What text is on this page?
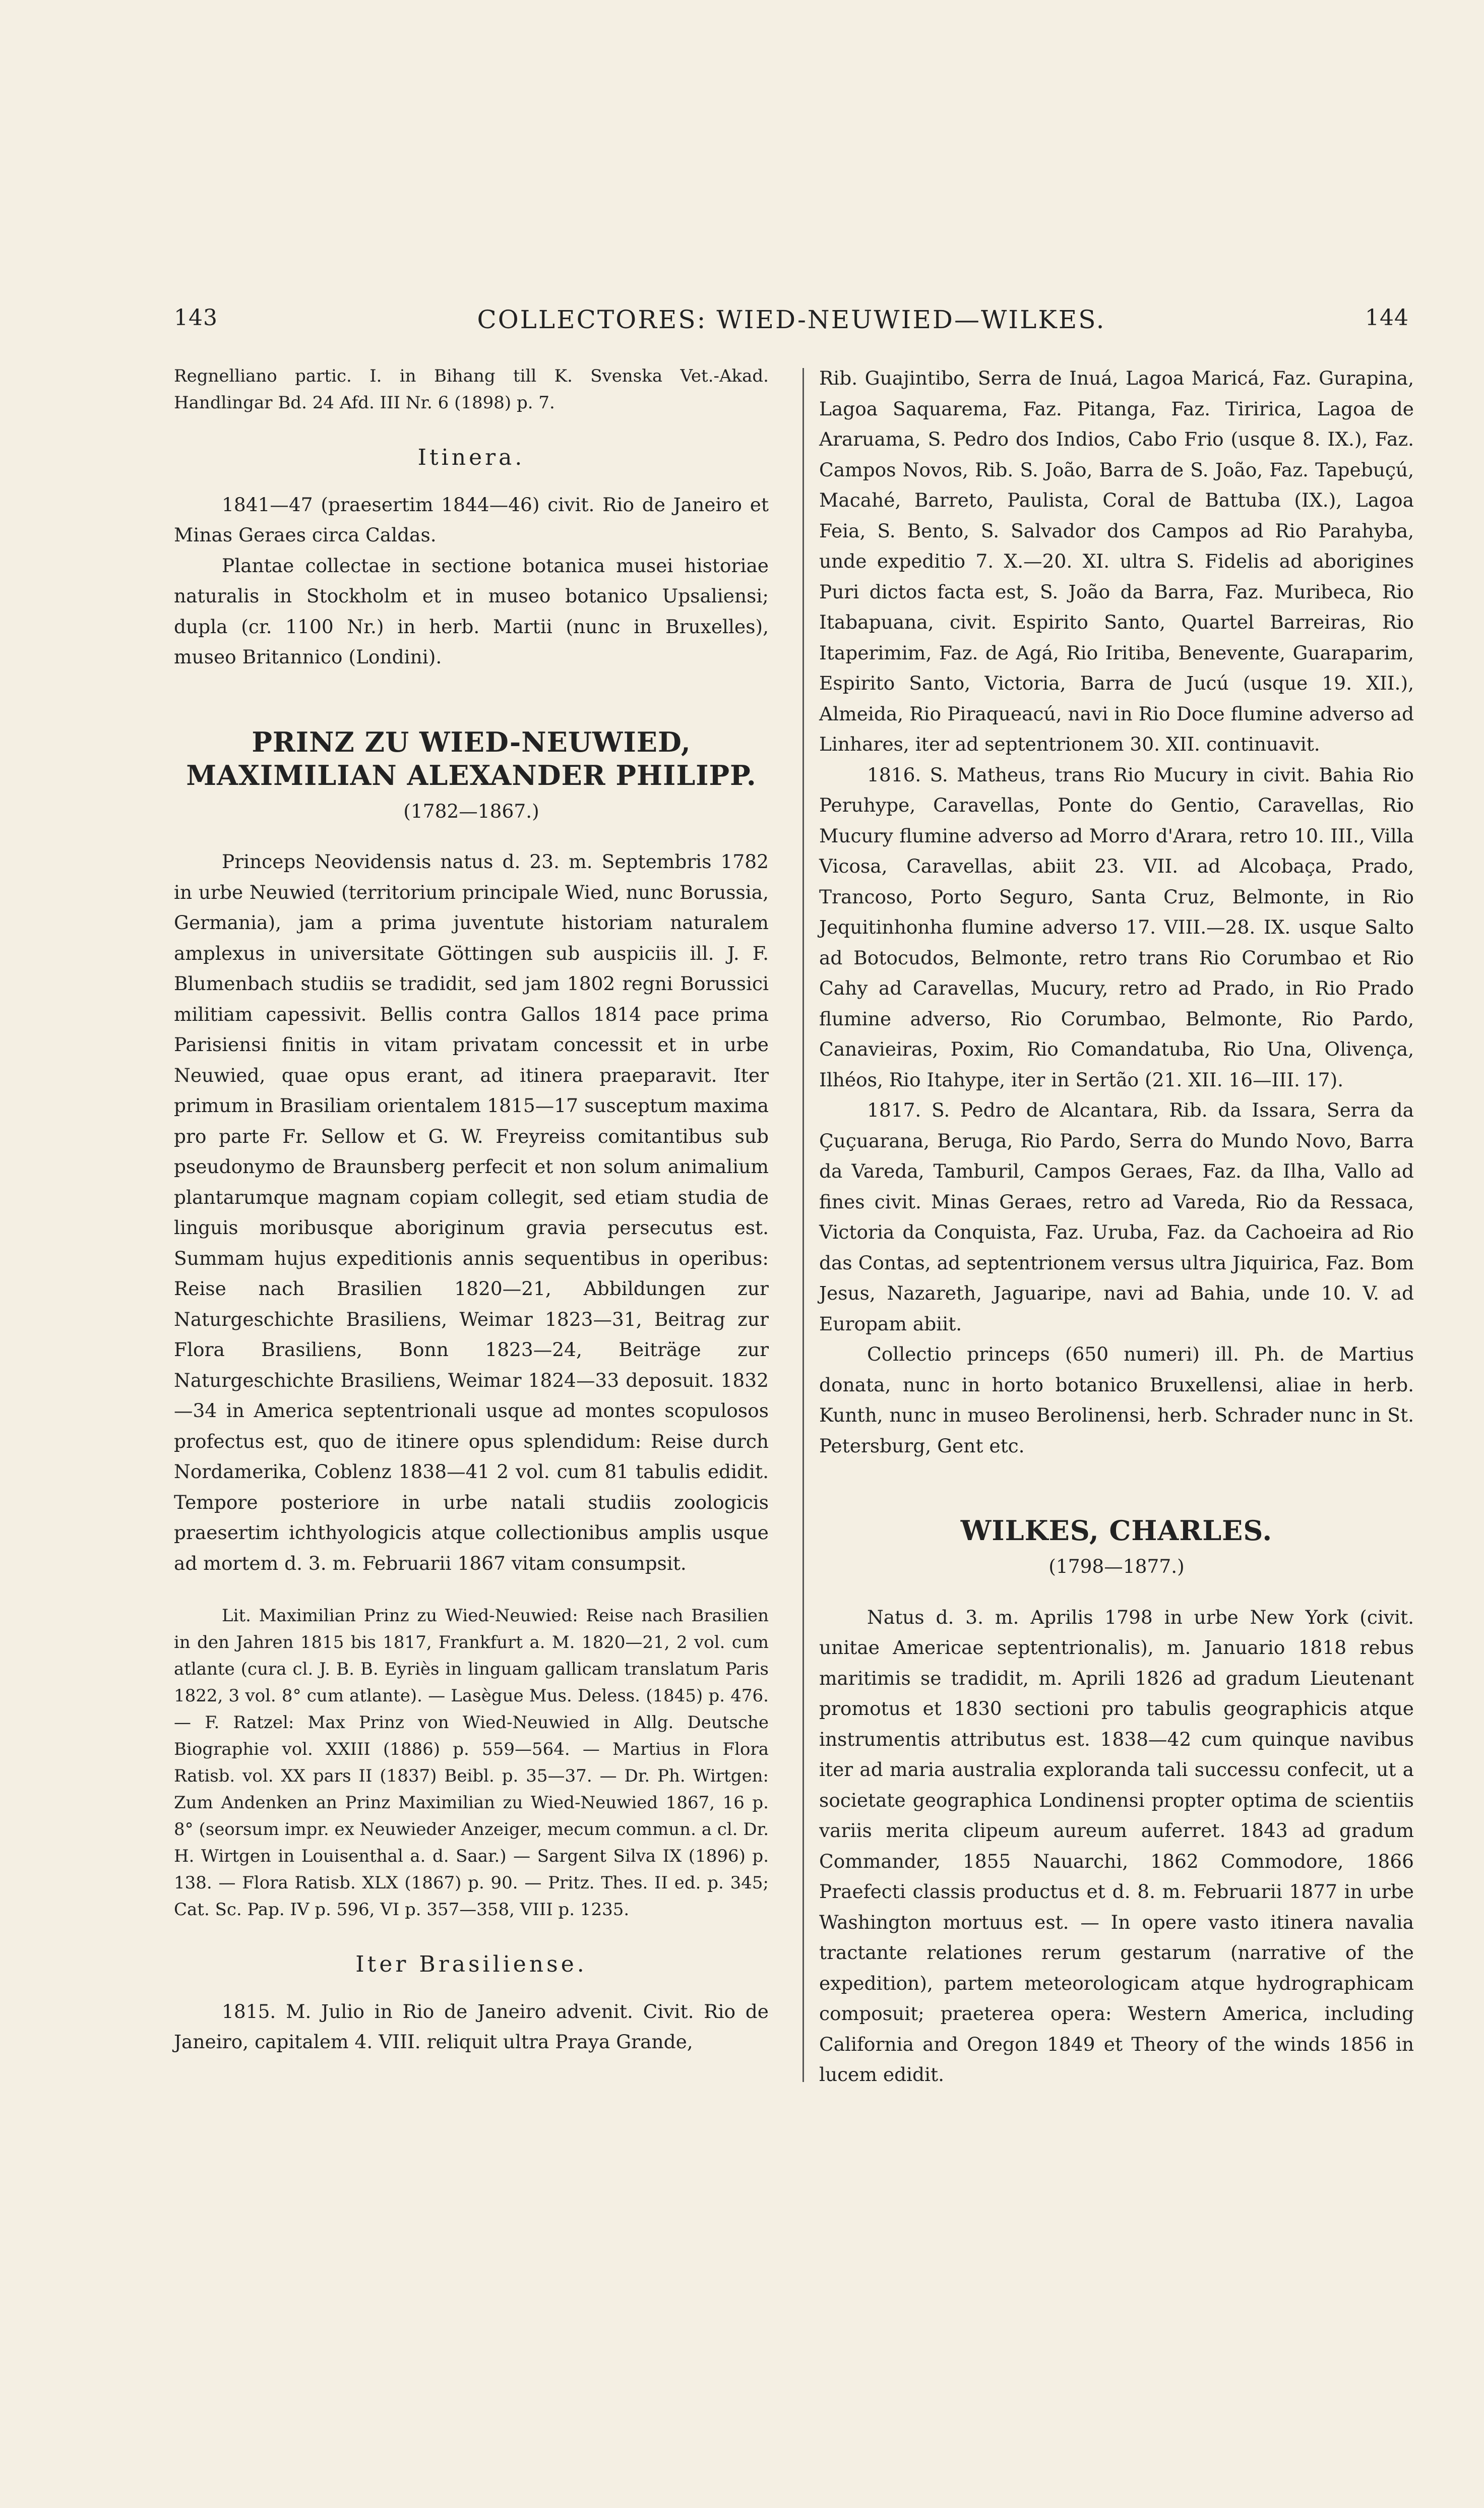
143	COLLECTORES: WIED-NEUWIED—WILKES.	144

Regnelliano partic. I. in Bihang till K. Svenska Vet.-Akad. Handlingar Bd. 24 Afd. III Nr. 6 (1898) p. 7.

Itinera.

1841—47 (praesertim 1844—46) civit. Rio de Janeiro et Minas Geraes circa Caldas.

Plantae collectae in sectione botanica musei historiae naturalis in Stockholm et in museo botanico Upsaliensi; dupla (cr. 1100 Nr.) in herb. Martii (nunc in Bruxelles), museo Britannico (Londini).

PRINZ ZU WIED-NEUWIED, MAXIMILIAN ALEXANDER PHILIPP.

(1782—1867.)

Princeps Neovidensis natus d. 23. m. Septembris 1782 in urbe Neuwied (territorium principale Wied, nunc Borussia, Germania), jam a prima juventute historiam naturalem amplexus in universitate Göttingen sub auspiciis ill. J. F. Blumenbach studiis se tradidit, sed jam 1802 regni Borussici militiam capessivit. Bellis contra Gallos 1814 pace prima Parisiensi finitis in vitam privatam concessit et in urbe Neuwied, quae opus erant, ad itinera praeparavit. Iter primum in Brasiliam orientalem 1815—17 susceptum maxima pro parte Fr. Sellow et G. W. Freyreiss comitantibus sub pseudonymo de Braunsberg perfecit et non solum animalium plantarumque magnam copiam collegit, sed etiam studia de linguis moribusque aboriginum gravia persecutus est. Summam hujus expeditionis annis sequentibus in operibus: Reise nach Brasilien 1820—21, Abbildungen zur Naturgeschichte Brasiliens, Weimar 1823—31, Beitrag zur Flora Brasiliens, Bonn 1823—24, Beiträge zur Naturgeschichte Brasiliens, Weimar 1824—33 deposuit. 1832—34 in America septentrionali usque ad montes scopulosos profectus est, quo de itinere opus splendidum: Reise durch Nordamerika, Coblenz 1838—41 2 vol. cum 81 tabulis edidit. Tempore posteriore in urbe natali studiis zoologicis praesertim ichthyologicis atque collectionibus amplis usque ad mortem d. 3. m. Februarii 1867 vitam consumpsit.

Lit. Maximilian Prinz zu Wied-Neuwied: Reise nach Brasilien in den Jahren 1815 bis 1817, Frankfurt a. M. 1820—21, 2 vol. cum atlante (cura cl. J. B. B. Eyriès in linguam gallicam translatum Paris 1822, 3 vol. 8° cum atlante). — Lasègue Mus. Deless. (1845) p. 476. — F. Ratzel: Max Prinz von Wied-Neuwied in Allg. Deutsche Biographie vol. XXIII (1886) p. 559—564. — Martius in Flora Ratisb. vol. XX pars II (1837) Beibl. p. 35—37. — Dr. Ph. Wirtgen: Zum Andenken an Prinz Maximilian zu Wied-Neuwied 1867, 16 p. 8° (seorsum impr. ex Neuwieder Anzeiger, mecum commun. a cl. Dr. H. Wirtgen in Louisenthal a. d. Saar.) — Sargent Silva IX (1896) p. 138. — Flora Ratisb. XLX (1867) p. 90. — Pritz. Thes. II ed. p. 345; Cat. Sc. Pap. IV p. 596, VI p. 357—358, VIII p. 1235.

Iter Brasiliense.

1815. M. Julio in Rio de Janeiro advenit. Civit. Rio de Janeiro, capitalem 4. VIII. reliquit ultra Praya Grande,

Rib. Guajintibo, Serra de Inuá, Lagoa Maricá, Faz. Gurapina, Lagoa Saquarema, Faz. Pitanga, Faz. Tiririca, Lagoa de Araruama, S. Pedro dos Indios, Cabo Frio (usque 8. IX.), Faz. Campos Novos, Rib. S. João, Barra de S. João, Faz. Tapebuçú, Macahé, Barreto, Paulista, Coral de Battuba (IX.), Lagoa Feia, S. Bento, S. Salvador dos Campos ad Rio Parahyba, unde expeditio 7. X.—20. XI. ultra S. Fidelis ad aborigines Puri dictos facta est, S. João da Barra, Faz. Muribeca, Rio Itabapuana, civit. Espirito Santo, Quartel Barreiras, Rio Itaperimim, Faz. de Agá, Rio Iritiba, Benevente, Guaraparim, Espirito Santo, Victoria, Barra de Jucú (usque 19. XII.), Almeida, Rio Piraqueacú, navi in Rio Doce flumine adverso ad Linhares, iter ad septentrionem 30. XII. continuavit.

1816. S. Matheus, trans Rio Mucury in civit. Bahia Rio Peruhype, Caravellas, Ponte do Gentio, Caravellas, Rio Mucury flumine adverso ad Morro d'Arara, retro 10. III., Villa Vicosa, Caravellas, abiit 23. VII. ad Alcobaça, Prado, Trancoso, Porto Seguro, Santa Cruz, Belmonte, in Rio Jequitinhonha flumine adverso 17. VIII.—28. IX. usque Salto ad Botocudos, Belmonte, retro trans Rio Corumbao et Rio Cahy ad Caravellas, Mucury, retro ad Prado, in Rio Prado flumine adverso, Rio Corumbao, Belmonte, Rio Pardo, Canavieiras, Poxim, Rio Comandatuba, Rio Una, Olivença, Ilhéos, Rio Itahype, iter in Sertão (21. XII. 16—III. 17).

1817. S. Pedro de Alcantara, Rib. da Issara, Serra da Çuçuarana, Beruga, Rio Pardo, Serra do Mundo Novo, Barra da Vareda, Tamburil, Campos Geraes, Faz. da Ilha, Vallo ad fines civit. Minas Geraes, retro ad Vareda, Rio da Ressaca, Victoria da Conquista, Faz. Uruba, Faz. da Cachoeira ad Rio das Contas, ad septentrionem versus ultra Jiquirica, Faz. Bom Jesus, Nazareth, Jaguaripe, navi ad Bahia, unde 10. V. ad Europam abiit.

Collectio princeps (650 numeri) ill. Ph. de Martius donata, nunc in horto botanico Bruxellensi, aliae in herb. Kunth, nunc in museo Berolinensi, herb. Schrader nunc in St. Petersburg, Gent etc.

WILKES, CHARLES.

(1798—1877.)

Natus d. 3. m. Aprilis 1798 in urbe New York (civit. unitae Americae septentrionalis), m. Januario 1818 rebus maritimis se tradidit, m. Aprili 1826 ad gradum Lieutenant promotus et 1830 sectioni pro tabulis geographicis atque instrumentis attributus est. 1838—42 cum quinque navibus iter ad maria australia exploranda tali successu confecit, ut a societate geographica Londinensi propter optima de scientiis variis merita clipeum aureum auferret. 1843 ad gradum Commander, 1855 Nauarchi, 1862 Commodore, 1866 Praefecti classis productus et d. 8. m. Februarii 1877 in urbe Washington mortuus est. — In opere vasto itinera navalia tractante relationes rerum gestarum (narrative of the expedition), partem meteorologicam atque hydrographicam composuit; praeterea opera: Western America, including California and Oregon 1849 et Theory of the winds 1856 in lucem edidit.
